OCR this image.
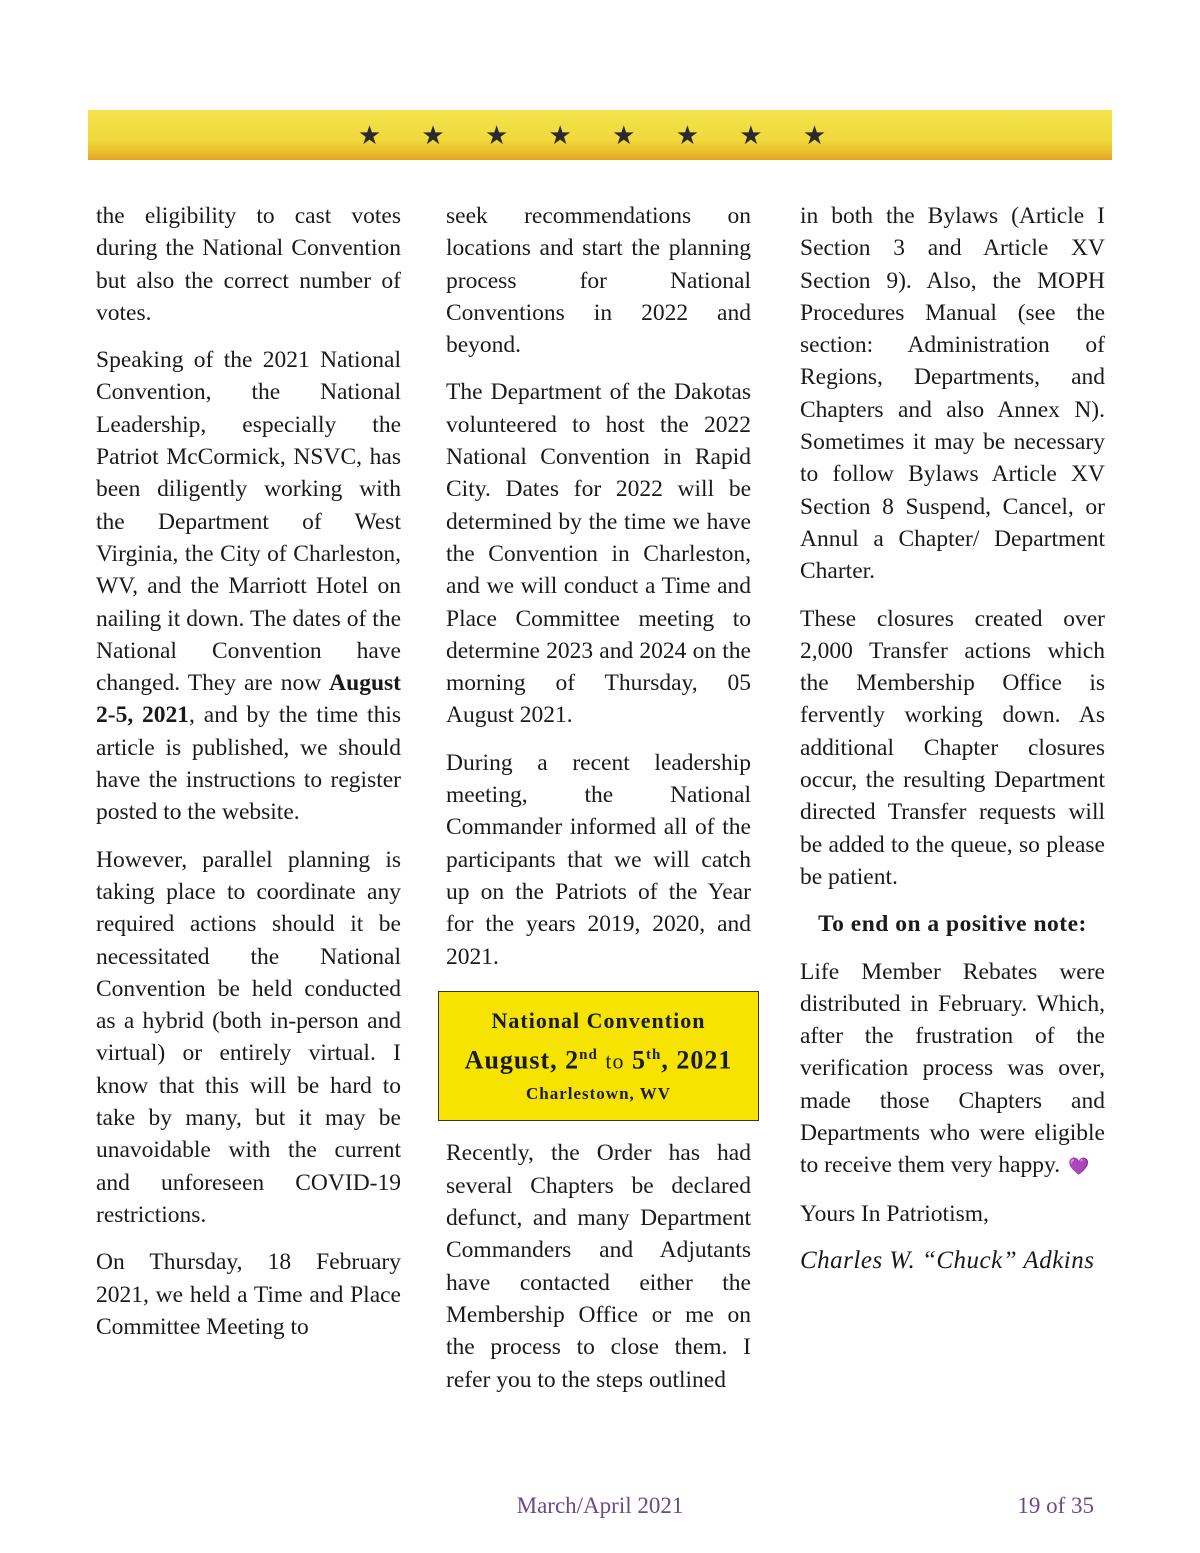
★ ★ ★ ★ ★ ★ ★ ★

the eligibility to cast votes during the National Convention but also the correct number of votes.

Speaking of the 2021 National Convention, the National Leadership, especially the Patriot McCormick, NSVC, has been diligently working with the Department of West Virginia, the City of Charleston, WV, and the Marriott Hotel on nailing it down. The dates of the National Convention have changed. They are now August 2-5, 2021, and by the time this article is published, we should have the instructions to register posted to the website.

However, parallel planning is taking place to coordinate any required actions should it be necessitated the National Convention be held conducted as a hybrid (both in-person and virtual) or entirely virtual. I know that this will be hard to take by many, but it may be unavoidable with the current and unforeseen COVID-19 restrictions.

On Thursday, 18 February 2021, we held a Time and Place Committee Meeting to

seek recommendations on locations and start the planning process for National Conventions in 2022 and beyond.

The Department of the Dakotas volunteered to host the 2022 National Convention in Rapid City. Dates for 2022 will be determined by the time we have the Convention in Charleston, and we will conduct a Time and Place Committee meeting to determine 2023 and 2024 on the morning of Thursday, 05 August 2021.

During a recent leadership meeting, the National Commander informed all of the participants that we will catch up on the Patriots of the Year for the years 2019, 2020, and 2021.

National Convention
August, 2nd to 5th, 2021
Charlestown, WV

Recently, the Order has had several Chapters be declared defunct, and many Department Commanders and Adjutants have contacted either the Membership Office or me on the process to close them. I refer you to the steps outlined

in both the Bylaws (Article I Section 3 and Article XV Section 9). Also, the MOPH Procedures Manual (see the section: Administration of Regions, Departments, and Chapters and also Annex N). Sometimes it may be necessary to follow Bylaws Article XV Section 8 Suspend, Cancel, or Annul a Chapter/ Department Charter.

These closures created over 2,000 Transfer actions which the Membership Office is fervently working down. As additional Chapter closures occur, the resulting Department directed Transfer requests will be added to the queue, so please be patient.

To end on a positive note:

Life Member Rebates were distributed in February. Which, after the frustration of the verification process was over, made those Chapters and Departments who were eligible to receive them very happy. 💜

Yours In Patriotism,

Charles W. “Chuck” Adkins

March/April 2021	19 of 35
